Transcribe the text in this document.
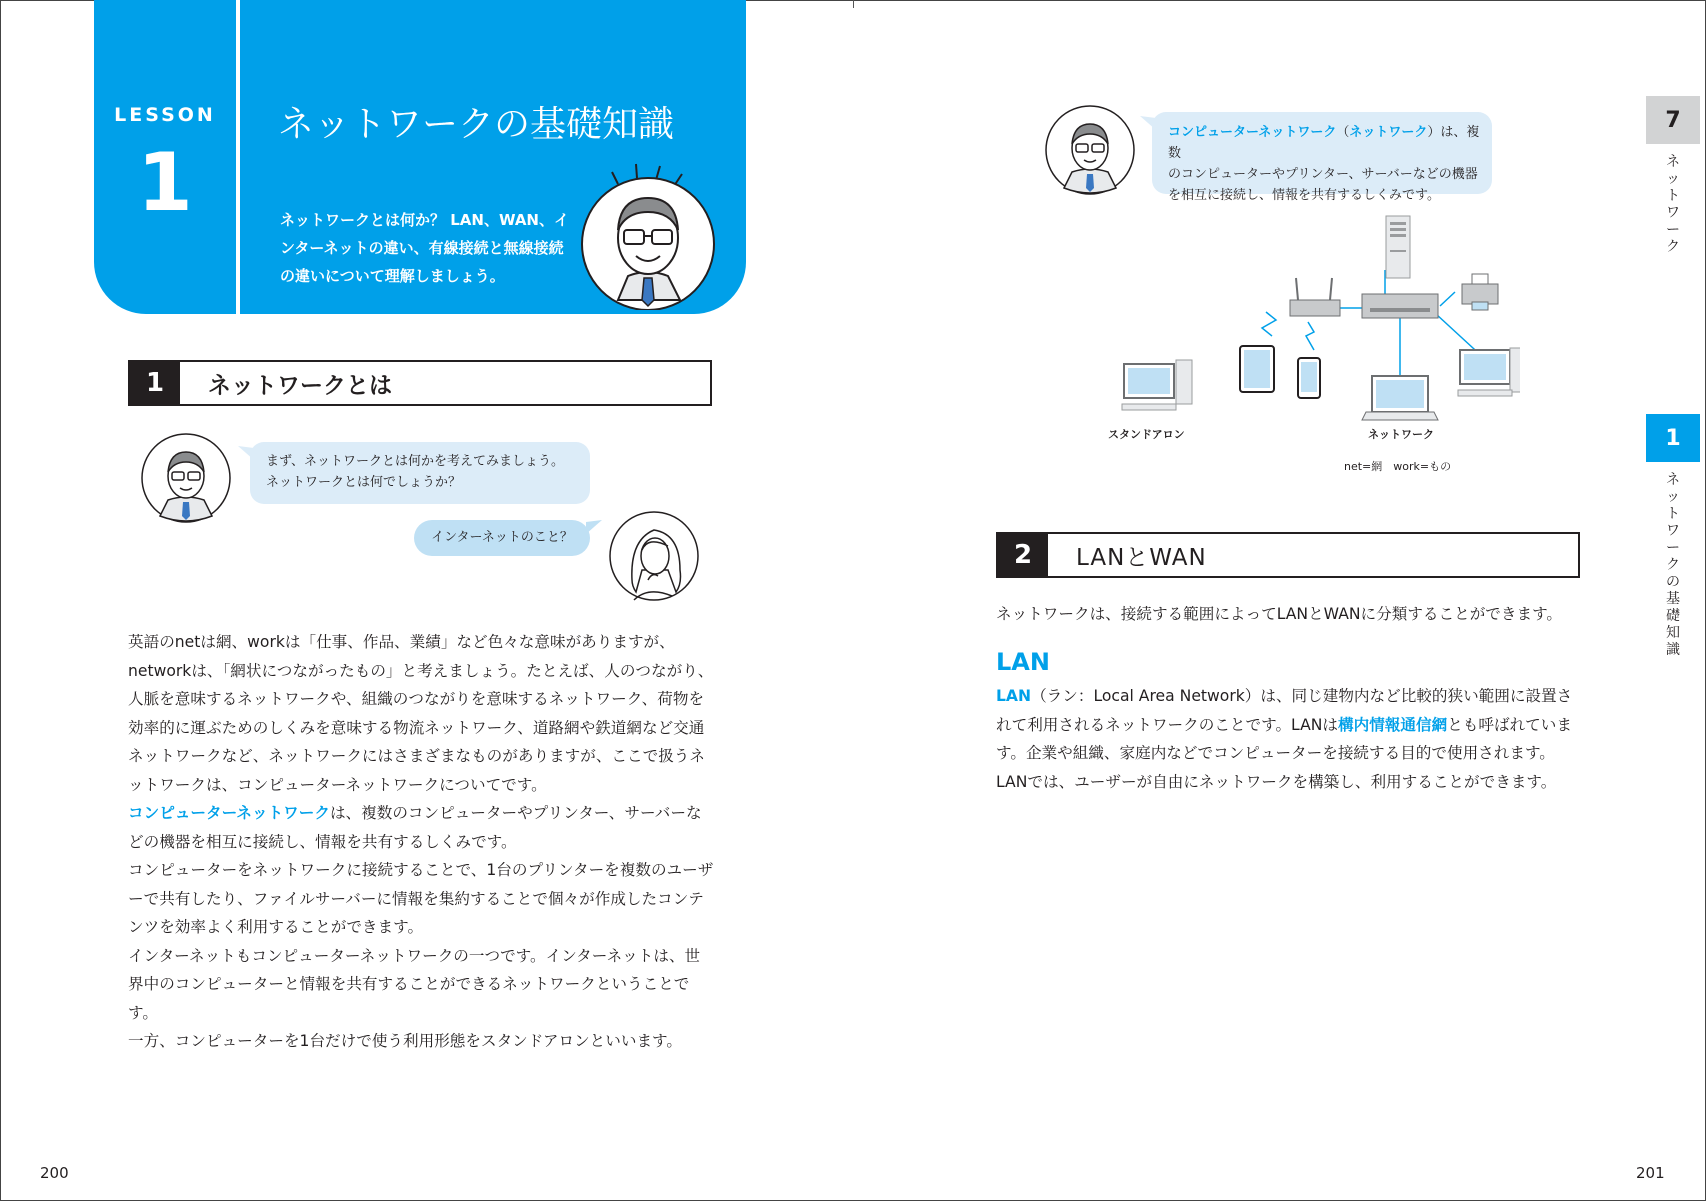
LESSON
1
ネットワークの基礎知識
ネットワークとは何か？ LAN、WAN、インターネットの違い、有線接続と無線接続の違いについて理解しましょう。
1	ネットワークとは
まず、ネットワークとは何かを考えてみましょう。
ネットワークとは何でしょうか？
インターネットのこと？

英語のnetは網、workは「仕事、作品、業績」など色々な意味がありますが、networkは、「網状につながったもの」と考えましょう。たとえば、人のつながり、人脈を意味するネットワークや、組織のつながりを意味するネットワーク、荷物を効率的に運ぶためのしくみを意味する物流ネットワーク、道路網や鉄道網など交通ネットワークなど、ネットワークにはさまざまなものがありますが、ここで扱うネットワークは、コンピューターネットワークについてです。

コンピューターネットワークは、複数のコンピューターやプリンター、サーバーなどの機器を相互に接続し、情報を共有するしくみです。

コンピューターをネットワークに接続することで、1台のプリンターを複数のユーザーで共有したり、ファイルサーバーに情報を集約することで個々が作成したコンテンツを効率よく利用することができます。

インターネットもコンピューターネットワークの一つです。インターネットは、世界中のコンピューターと情報を共有することができるネットワークということです。

一方、コンピューターを1台だけで使う利用形態をスタンドアロンといいます。

200
コンピューターネットワーク（ネットワーク）は、複数
のコンピューターやプリンター、サーバーなどの機器
を相互に接続し、情報を共有するしくみです。
スタンドアロン	ネットワーク
net=網　work=もの
2	LANとWAN
ネットワークは、接続する範囲によってLANとWANに分類することができます。
LAN

LAN（ラン：Local Area Network）は、同じ建物内など比較的狭い範囲に設置されて利用されるネットワークのことです。LANは構内情報通信網とも呼ばれています。企業や組織、家庭内などでコンピューターを接続する目的で使用されます。LANでは、ユーザーが自由にネットワークを構築し、利用することができます。

7
ネットワーク
1
ネットワークの基礎知識
201
